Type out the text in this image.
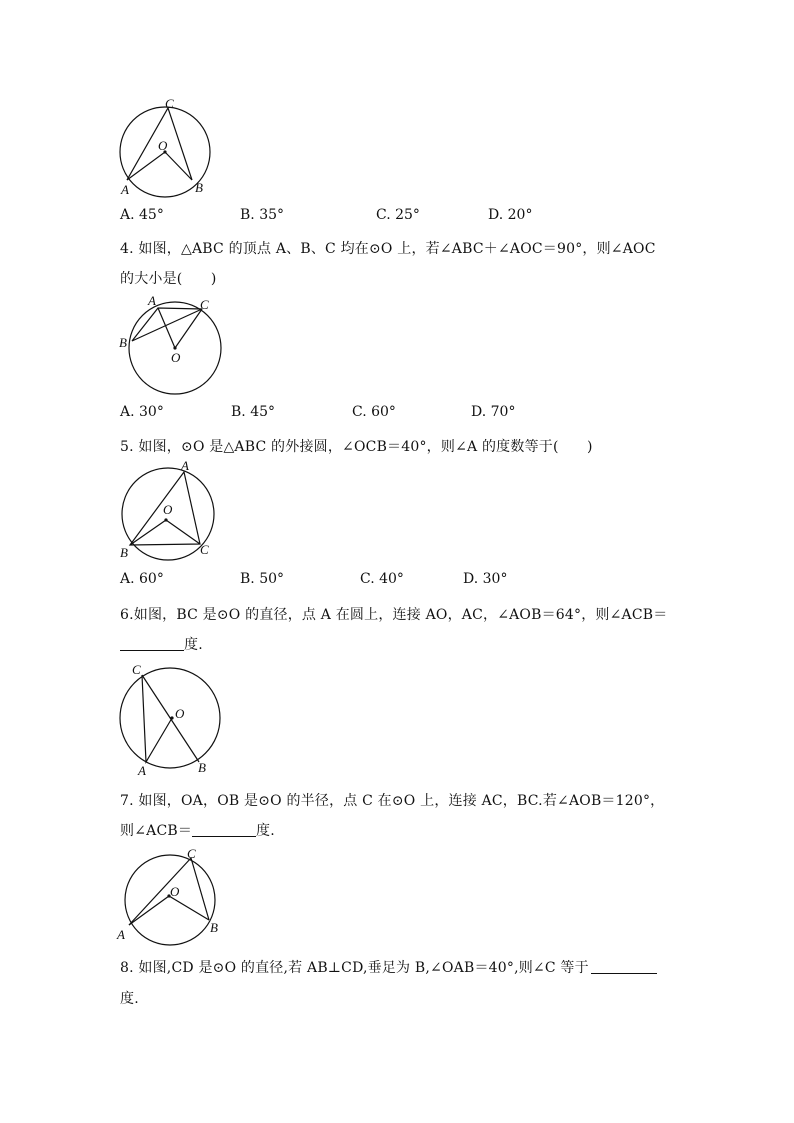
C
O
A	B
A. 45°	B. 35°	C. 25°	D. 20°
4. 如图，△ABC 的顶点 A、B、C 均在⊙O 上，若∠ABC＋∠AOC＝90°，则∠AOC
的大小是(　　)
A	C
B
O
A. 30°	B. 45°	C. 60°	D. 70°
5. 如图，⊙O 是△ABC 的外接圆，∠OCB＝40°，则∠A 的度数等于(　　)
A
O
B	C
A. 60°	B. 50°	C. 40°	D. 30°
6.如图，BC 是⊙O 的直径，点 A 在圆上，连接 AO，AC，∠AOB＝64°，则∠ACB＝
度.
C
O
A	B
7. 如图，OA，OB 是⊙O 的半径，点 C 在⊙O 上，连接 AC，BC.若∠AOB＝120°，
则∠ACB＝	度.
C
O
A	B
8. 如图,CD 是⊙O 的直径,若 AB⊥CD,垂足为 B,∠OAB＝40°,则∠C 等于
度.
